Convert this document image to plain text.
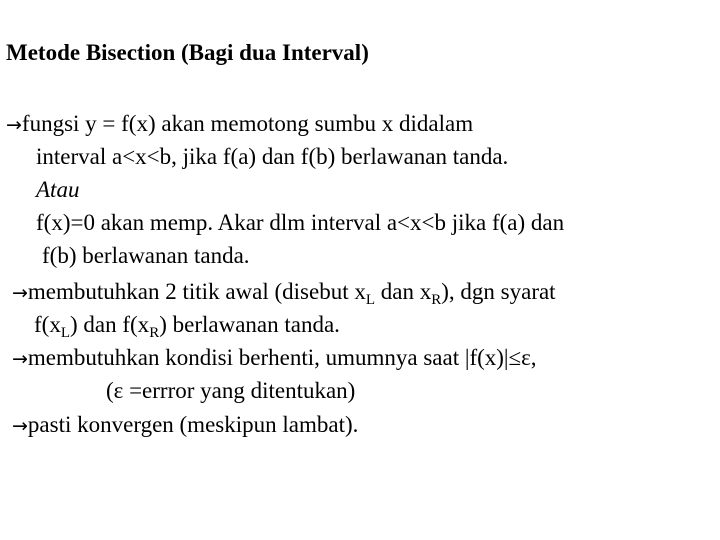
Metode Bisection (Bagi dua Interval)
→fungsi y = f(x) akan memotong sumbu x didalam
interval a<x<b, jika f(a) dan f(b) berlawanan tanda.
Atau
f(x)=0 akan memp. Akar dlm interval a<x<b jika f(a) dan
f(b) berlawanan tanda.
→membutuhkan 2 titik awal (disebut $x_L$ dan $x_R$), dgn syarat
$f(x_L)$ dan $f(x_R)$ berlawanan tanda.
→membutuhkan kondisi berhenti, umumnya saat |f(x)|≤ε,
(ε =errror yang ditentukan)
→pasti konvergen (meskipun lambat).
